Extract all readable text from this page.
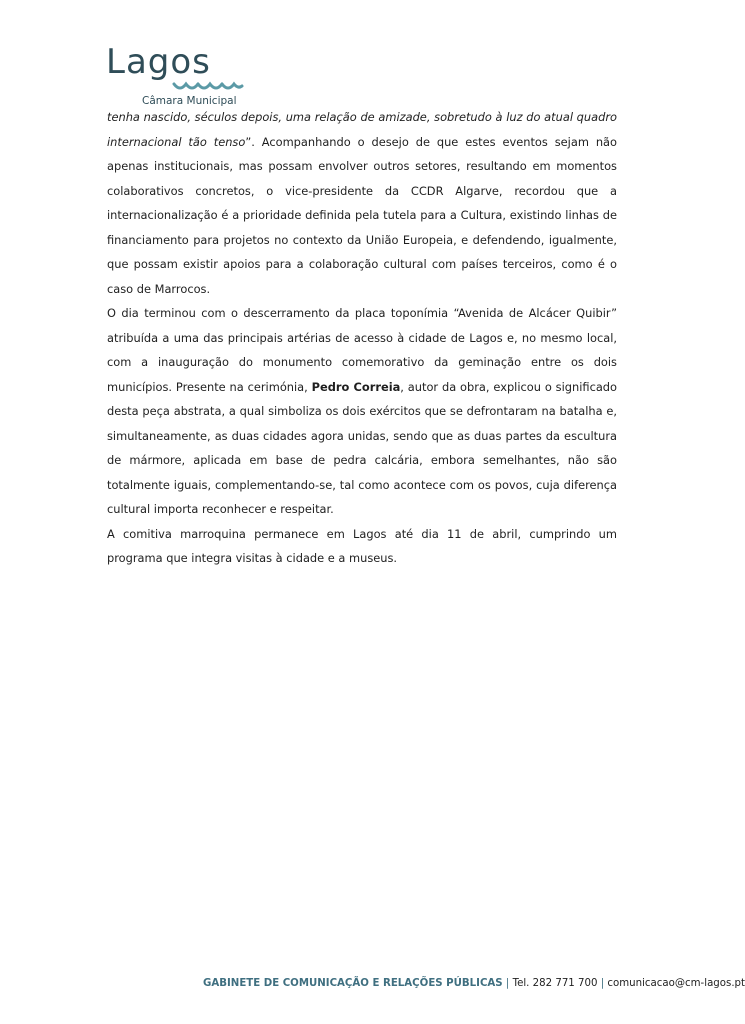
Lagos
Câmara Municipal

tenha nascido, séculos depois, uma relação de amizade, sobretudo à luz do atual quadro internacional tão tenso”. Acompanhando o desejo de que estes eventos sejam não apenas institucionais, mas possam envolver outros setores, resultando em momentos colaborativos concretos, o vice-presidente da CCDR Algarve, recordou que a internacionalização é a prioridade definida pela tutela para a Cultura, existindo linhas de financiamento para projetos no contexto da União Europeia, e defendendo, igualmente, que possam existir apoios para a colaboração cultural com países terceiros, como é o caso de Marrocos.

O dia terminou com o descerramento da placa toponímia “Avenida de Alcácer Quibir” atribuída a uma das principais artérias de acesso à cidade de Lagos e, no mesmo local, com a inauguração do monumento comemorativo da geminação entre os dois municípios. Presente na cerimónia, Pedro Correia, autor da obra, explicou o significado desta peça abstrata, a qual simboliza os dois exércitos que se defrontaram na batalha e, simultaneamente, as duas cidades agora unidas, sendo que as duas partes da escultura de mármore, aplicada em base de pedra calcária, embora semelhantes, não são totalmente iguais, complementando-se, tal como acontece com os povos, cuja diferença cultural importa reconhecer e respeitar.

A comitiva marroquina permanece em Lagos até dia 11 de abril, cumprindo um programa que integra visitas à cidade e a museus.

GABINETE DE COMUNICAÇÃO E RELAÇÕES PÚBLICAS | Tel. 282 771 700 | comunicacao@cm-lagos.pt
